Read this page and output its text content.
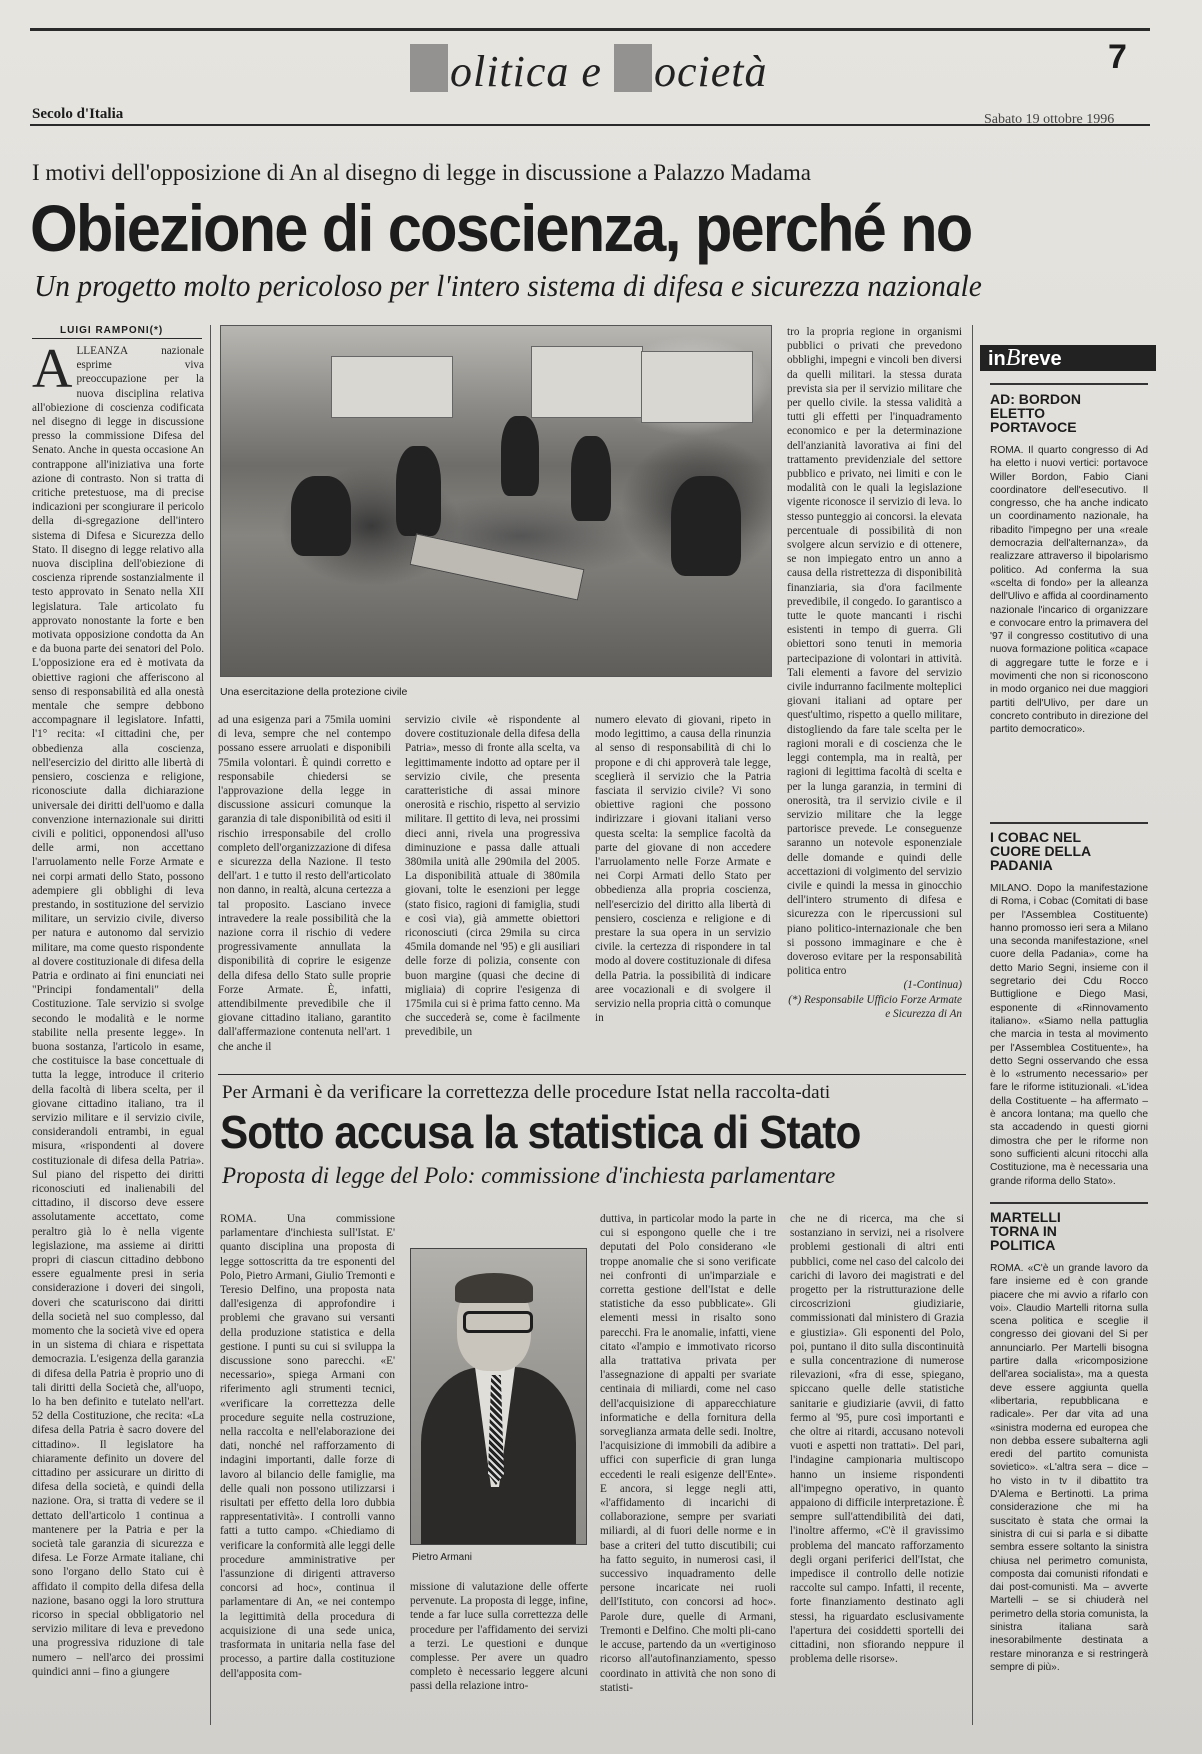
olitica e ocietà	7
Secolo d'Italia	Sabato 19 ottobre 1996
I motivi dell'opposizione di An al disegno di legge in discussione a Palazzo Madama
Obiezione di coscienza, perché no
Un progetto molto pericoloso per l'intero sistema di difesa e sicurezza nazionale
LUIGI RAMPONI(*)
ALLEANZA nazionale esprime viva preoccupazione per la nuova disciplina relativa all'obiezione di coscienza codificata nel disegno di legge in discussione presso la commissione Difesa del Senato. Anche in questa occasione An contrappone all'iniziativa una forte azione di contrasto. Non si tratta di critiche pretestuose, ma di precise indicazioni per scongiurare il pericolo della di-sgregazione dell'intero sistema di Difesa e Sicurezza dello Stato. Il disegno di legge relativo alla nuova disciplina dell'obiezione di coscienza riprende sostanzialmente il testo approvato in Senato nella XII legislatura. Tale articolato fu approvato nonostante la forte e ben motivata opposizione condotta da An e da buona parte dei senatori del Polo. L'opposizione era ed è motivata da obiettive ragioni che afferiscono al senso di responsabilità ed alla onestà mentale che sempre debbono accompagnare il legislatore. Infatti, l'1° recita: «I cittadini che, per obbedienza alla coscienza, nell'esercizio del diritto alle libertà di pensiero, coscienza e religione, riconosciute dalla dichiarazione universale dei diritti dell'uomo e dalla convenzione internazionale sui diritti civili e politici, opponendosi all'uso delle armi, non accettano l'arruolamento nelle Forze Armate e nei corpi armati dello Stato, possono adempiere gli obblighi di leva prestando, in sostituzione del servizio militare, un servizio civile, diverso per natura e autonomo dal servizio militare, ma come questo rispondente al dovere costituzionale di difesa della Patria e ordinato ai fini enunciati nei "Principi fondamentali" della Costituzione. Tale servizio si svolge secondo le modalità e le norme stabilite nella presente legge». In buona sostanza, l'articolo in esame, che costituisce la base concettuale di tutta la legge, introduce il criterio della facoltà di libera scelta, per il giovane cittadino italiano, tra il servizio militare e il servizio civile, considerandoli entrambi, in egual misura, «rispondenti al dovere costituzionale di difesa della Patria». Sul piano del rispetto dei diritti riconosciuti ed inalienabili del cittadino, il discorso deve essere assolutamente accettato, come peraltro già lo è nella vigente legislazione, ma assieme ai diritti propri di ciascun cittadino debbono essere egualmente presi in seria considerazione i doveri dei singoli, doveri che scaturiscono dai diritti della società nel suo complesso, dal momento che la società vive ed opera in un sistema di chiara e rispettata democrazia. L'esigenza della garanzia di difesa della Patria è proprio uno di tali diritti della Società che, all'uopo, lo ha ben definito e tutelato nell'art. 52 della Costituzione, che recita: «La difesa della Patria è sacro dovere del cittadino». Il legislatore ha chiaramente definito un dovere del cittadino per assicurare un diritto di difesa della società, e quindi della nazione. Ora, si tratta di vedere se il dettato dell'articolo 1 continua a mantenere per la Patria e per la società tale garanzia di sicurezza e difesa. Le Forze Armate italiane, chi sono l'organo dello Stato cui è affidato il compito della difesa della nazione, basano oggi la loro struttura ricorso in special obbligatorio nel servizio militare di leva e prevedono una progressiva riduzione di tale numero – nell'arco dei prossimi quindici anni – fino a giungere
Una esercitazione della protezione civile
ad una esigenza pari a 75mila uomini di leva, sempre che nel contempo possano essere arruolati e disponibili 75mila volontari. È quindi corretto e responsabile chiedersi se l'approvazione della legge in discussione assicuri comunque la garanzia di tale disponibilità od esiti il rischio irresponsabile del crollo completo dell'organizzazione di difesa e sicurezza della Nazione. Il testo dell'art. 1 e tutto il resto dell'articolato non danno, in realtà, alcuna certezza a tal proposito. Lasciano invece intravedere la reale possibilità che la nazione corra il rischio di vedere progressivamente annullata la disponibilità di coprire le esigenze della difesa dello Stato sulle proprie Forze Armate. È, infatti, attendibilmente prevedibile che il giovane cittadino italiano, garantito dall'affermazione contenuta nell'art. 1 che anche il
servizio civile «è rispondente al dovere costituzionale della difesa della Patria», messo di fronte alla scelta, va legittimamente indotto ad optare per il servizio civile, che presenta caratteristiche di assai minore onerosità e rischio, rispetto al servizio militare. Il gettito di leva, nei prossimi dieci anni, rivela una progressiva diminuzione e passa dalle attuali 380mila unità alle 290mila del 2005. La disponibilità attuale di 380mila giovani, tolte le esenzioni per legge (stato fisico, ragioni di famiglia, studi e così via), già ammette obiettori riconosciuti (circa 29mila su circa 45mila domande nel '95) e gli ausiliari delle forze di polizia, consente con buon margine (quasi che decine di migliaia) di coprire l'esigenza di 175mila cui si è prima fatto cenno. Ma che succederà se, come è facilmente prevedibile, un
numero elevato di giovani, ripeto in modo legittimo, a causa della rinunzia al senso di responsabilità di chi lo propone e di chi approverà tale legge, sceglierà il servizio che la Patria fasciata il servizio civile? Vi sono obiettive ragioni che possono indirizzare i giovani italiani verso questa scelta: la semplice facoltà da parte del giovane di non accedere l'arruolamento nelle Forze Armate e nei Corpi Armati dello Stato per obbedienza alla propria coscienza, nell'esercizio del diritto alla libertà di pensiero, coscienza e religione e di prestare la sua opera in un servizio civile. la certezza di rispondere in tal modo al dovere costituzionale di difesa della Patria. la possibilità di indicare aree vocazionali e di svolgere il servizio nella propria città o comunque in
tro la propria regione in organismi pubblici o privati che prevedono obblighi, impegni e vincoli ben diversi da quelli militari. la stessa durata prevista sia per il servizio militare che per quello civile. la stessa validità a tutti gli effetti per l'inquadramento economico e per la determinazione dell'anzianità lavorativa ai fini del trattamento previdenziale del settore pubblico e privato, nei limiti e con le modalità con le quali la legislazione vigente riconosce il servizio di leva. lo stesso punteggio ai concorsi. la elevata percentuale di possibilità di non svolgere alcun servizio e di ottenere, se non impiegato entro un anno a causa della ristrettezza di disponibilità finanziaria, sia d'ora facilmente prevedibile, il congedo. Io garantisco a tutte le quote mancanti i rischi esistenti in tempo di guerra. Gli obiettori sono tenuti in memoria partecipazione di volontari in attività. Tali elementi a favore del servizio civile indurranno facilmente molteplici giovani italiani ad optare per quest'ultimo, rispetto a quello militare, distogliendo da fare tale scelta per le ragioni morali e di coscienza che le leggi contempla, ma in realtà, per ragioni di legittima facoltà di scelta e per la lunga garanzia, in termini di onerosità, tra il servizio civile e il servizio militare che la legge partorisce prevede. Le conseguenze saranno un notevole esponenziale delle domande e quindi delle accettazioni di volgimento del servizio civile e quindi la messa in ginocchio dell'intero strumento di difesa e sicurezza con le ripercussioni sul piano politico-internazionale che ben si possono immaginare e che è doveroso evitare per la responsabilità politica entro
(1-Continua)
(*) Responsabile Ufficio Forze Armate e Sicurezza di An
inBreve
AD: BORDON ELETTO PORTAVOCE
ROMA. Il quarto congresso di Ad ha eletto i nuovi vertici: portavoce Willer Bordon, Fabio Ciani coordinatore dell'esecutivo. Il congresso, che ha anche indicato un coordinamento nazionale, ha ribadito l'impegno per una «reale democrazia dell'alternanza», da realizzare attraverso il bipolarismo politico. Ad conferma la sua «scelta di fondo» per la alleanza dell'Ulivo e affida al coordinamento nazionale l'incarico di organizzare e convocare entro la primavera del '97 il congresso costitutivo di una nuova formazione politica «capace di aggregare tutte le forze e i movimenti che non si riconoscono in modo organico nei due maggiori partiti dell'Ulivo, per dare un concreto contributo in direzione del partito democratico».
I COBAC NEL CUORE DELLA PADANIA
MILANO. Dopo la manifestazione di Roma, i Cobac (Comitati di base per l'Assemblea Costituente) hanno promosso ieri sera a Milano una seconda manifestazione, «nel cuore della Padania», come ha detto Mario Segni, insieme con il segretario dei Cdu Rocco Buttiglione e Diego Masi, esponente di «Rinnovamento italiano». «Siamo nella pattuglia che marcia in testa al movimento per l'Assemblea Costituente», ha detto Segni osservando che essa è lo «strumento necessario» per fare le riforme istituzionali. «L'idea della Costituente – ha affermato – è ancora lontana; ma quello che sta accadendo in questi giorni dimostra che per le riforme non sono sufficienti alcuni ritocchi alla Costituzione, ma è necessaria una grande riforma dello Stato».
MARTELLI TORNA IN POLITICA
ROMA. «C'è un grande lavoro da fare insieme ed è con grande piacere che mi avvio a rifarlo con voi». Claudio Martelli ritorna sulla scena politica e sceglie il congresso dei giovani del Si per annunciarlo. Per Martelli bisogna partire dalla «ricomposizione dell'area socialista», ma a questa deve essere aggiunta quella «libertaria, repubblicana e radicale». Per dar vita ad una «sinistra moderna ed europea che non debba essere subalterna agli eredi del partito comunista sovietico». «L'altra sera – dice – ho visto in tv il dibattito tra D'Alema e Bertinotti. La prima considerazione che mi ha suscitato è stata che ormai la sinistra di cui si parla e si dibatte sembra essere soltanto la sinistra chiusa nel perimetro comunista, composta dai comunisti rifondati e dai post-comunisti. Ma – avverte Martelli – se si chiuderà nel perimetro della storia comunista, la sinistra italiana sarà inesorabilmente destinata a restare minoranza e si restringerà sempre di più».
Per Armani è da verificare la correttezza delle procedure Istat nella raccolta-dati
Sotto accusa la statistica di Stato
Proposta di legge del Polo: commissione d'inchiesta parlamentare
ROMA. Una commissione parlamentare d'inchiesta sull'Istat. E' quanto disciplina una proposta di legge sottoscritta da tre esponenti del Polo, Pietro Armani, Giulio Tremonti e Teresio Delfino, una proposta nata dall'esigenza di approfondire i problemi che gravano sui versanti della produzione statistica e della gestione. I punti su cui si sviluppa la discussione sono parecchi. «E' necessario», spiega Armani con riferimento agli strumenti tecnici, «verificare la correttezza delle procedure seguite nella costruzione, nella raccolta e nell'elaborazione dei dati, nonché nel rafforzamento di indagini importanti, dalle forze di lavoro al bilancio delle famiglie, ma delle quali non possono utilizzarsi i risultati per effetto della loro dubbia rappresentatività». I controlli vanno fatti a tutto campo. «Chiediamo di verificare la conformità alle leggi delle procedure amministrative per l'assunzione di dirigenti attraverso concorsi ad hoc», continua il parlamentare di An, «e nei contempo la legittimità della procedura di acquisizione di una sede unica, trasformata in unitaria nella fase del processo, a partire dalla costituzione dell'apposita com-
Pietro Armani
missione di valutazione delle offerte pervenute. La proposta di legge, infine, tende a far luce sulla correttezza delle procedure per l'affidamento dei servizi a terzi. Le questioni e dunque complesse. Per avere un quadro completo è necessario leggere alcuni passi della relazione intro-
duttiva, in particolar modo la parte in cui si espongono quelle che i tre deputati del Polo considerano «le troppe anomalie che si sono verificate nei confronti di un'imparziale e corretta gestione dell'Istat e delle statistiche da esso pubblicate». Gli elementi messi in risalto sono parecchi. Fra le anomalie, infatti, viene citato «l'ampio e immotivato ricorso alla trattativa privata per l'assegnazione di appalti per svariate centinaia di miliardi, come nel caso dell'acquisizione di apparecchiature informatiche e della fornitura della sorveglianza armata delle sedi. Inoltre, l'acquisizione di immobili da adibire a uffici con superficie di gran lunga eccedenti le reali esigenze dell'Ente». E ancora, si legge negli atti, «l'affidamento di incarichi di collaborazione, sempre per svariati miliardi, al di fuori delle norme e in base a criteri del tutto discutibili; cui ha fatto seguito, in numerosi casi, il successivo inquadramento delle persone incaricate nei ruoli dell'Istituto, con concorsi ad hoc». Parole dure, quelle di Armani, Tremonti e Delfino. Che molti pli-cano le accuse, partendo da un «vertiginoso ricorso all'autofinanziamento, spesso coordinato in attività che non sono di statisti-
che ne di ricerca, ma che si sostanziano in servizi, nei a risolvere problemi gestionali di altri enti pubblici, come nel caso del calcolo dei carichi di lavoro dei magistrati e del progetto per la ristrutturazione delle circoscrizioni giudiziarie, commissionati dal ministero di Grazia e giustizia». Gli esponenti del Polo, poi, puntano il dito sulla discontinuità e sulla concentrazione di numerose rilevazioni, «fra di esse, spiegano, spiccano quelle delle statistiche sanitarie e giudiziarie (avvii, di fatto fermo al '95, pure così importanti e che oltre ai ritardi, accusano notevoli vuoti e aspetti non trattati». Del pari, l'indagine campionaria multiscopo hanno un insieme rispondenti all'impegno operativo, in quanto appaiono di difficile interpretazione. È sempre sull'attendibilità dei dati, l'inoltre affermo, «C'è il gravissimo problema del mancato rafforzamento degli organi periferici dell'Istat, che impedisce il controllo delle notizie raccolte sul campo. Infatti, il recente, forte finanziamento destinato agli stessi, ha riguardato esclusivamente l'apertura dei cosiddetti sportelli dei cittadini, non sfiorando neppure il problema delle risorse».
